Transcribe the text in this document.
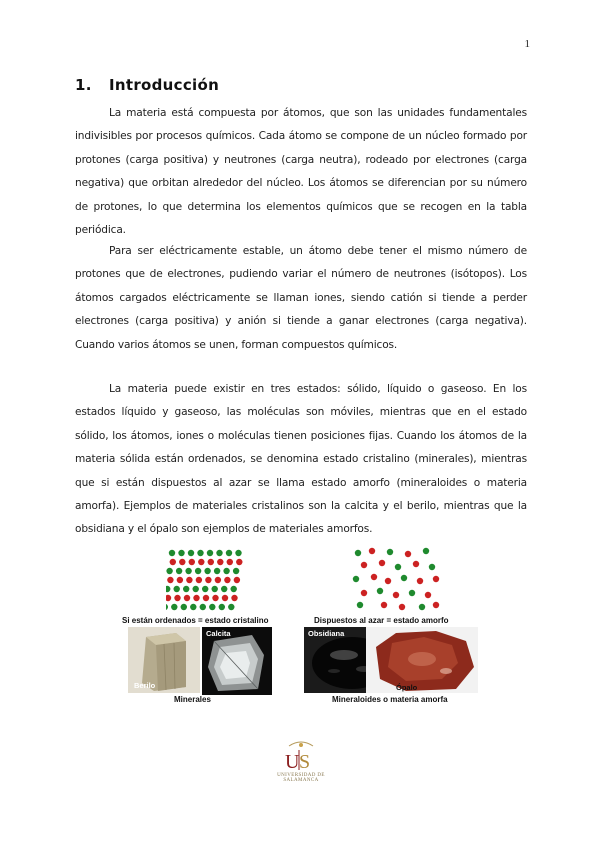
1
1. Introducción

La materia está compuesta por átomos, que son las unidades fundamentales indivisibles por procesos químicos. Cada átomo se compone de un núcleo formado por protones (carga positiva) y neutrones (carga neutra), rodeado por electrones (carga negativa) que orbitan alrededor del núcleo. Los átomos se diferencian por su número de protones, lo que determina los elementos químicos que se recogen en la tabla periódica.

Para ser eléctricamente estable, un átomo debe tener el mismo número de protones que de electrones, pudiendo variar el número de neutrones (isótopos). Los átomos cargados eléctricamente se llaman iones, siendo catión si tiende a perder electrones (carga positiva) y anión si tiende a ganar electrones (carga negativa). Cuando varios átomos se unen, forman compuestos químicos.

La materia puede existir en tres estados: sólido, líquido o gaseoso. En los estados líquido y gaseoso, las moléculas son móviles, mientras que en el estado sólido, los átomos, iones o moléculas tienen posiciones fijas. Cuando los átomos de la materia sólida están ordenados, se denomina estado cristalino (minerales), mientras que si están dispuestos al azar se llama estado amorfo (mineraloides o materia amorfa). Ejemplos de materiales cristalinos son la calcita y el berilo, mientras que la obsidiana y el ópalo son ejemplos de materiales amorfos.

Si están ordenados = estado cristalino	Dispuestos al azar = estado amorfo
Berilo
Calcita	Obsidiana
Ópalo
Minerales	Mineraloides o materia amorfa
U S
UNIVERSIDAD DE SALAMANCA
